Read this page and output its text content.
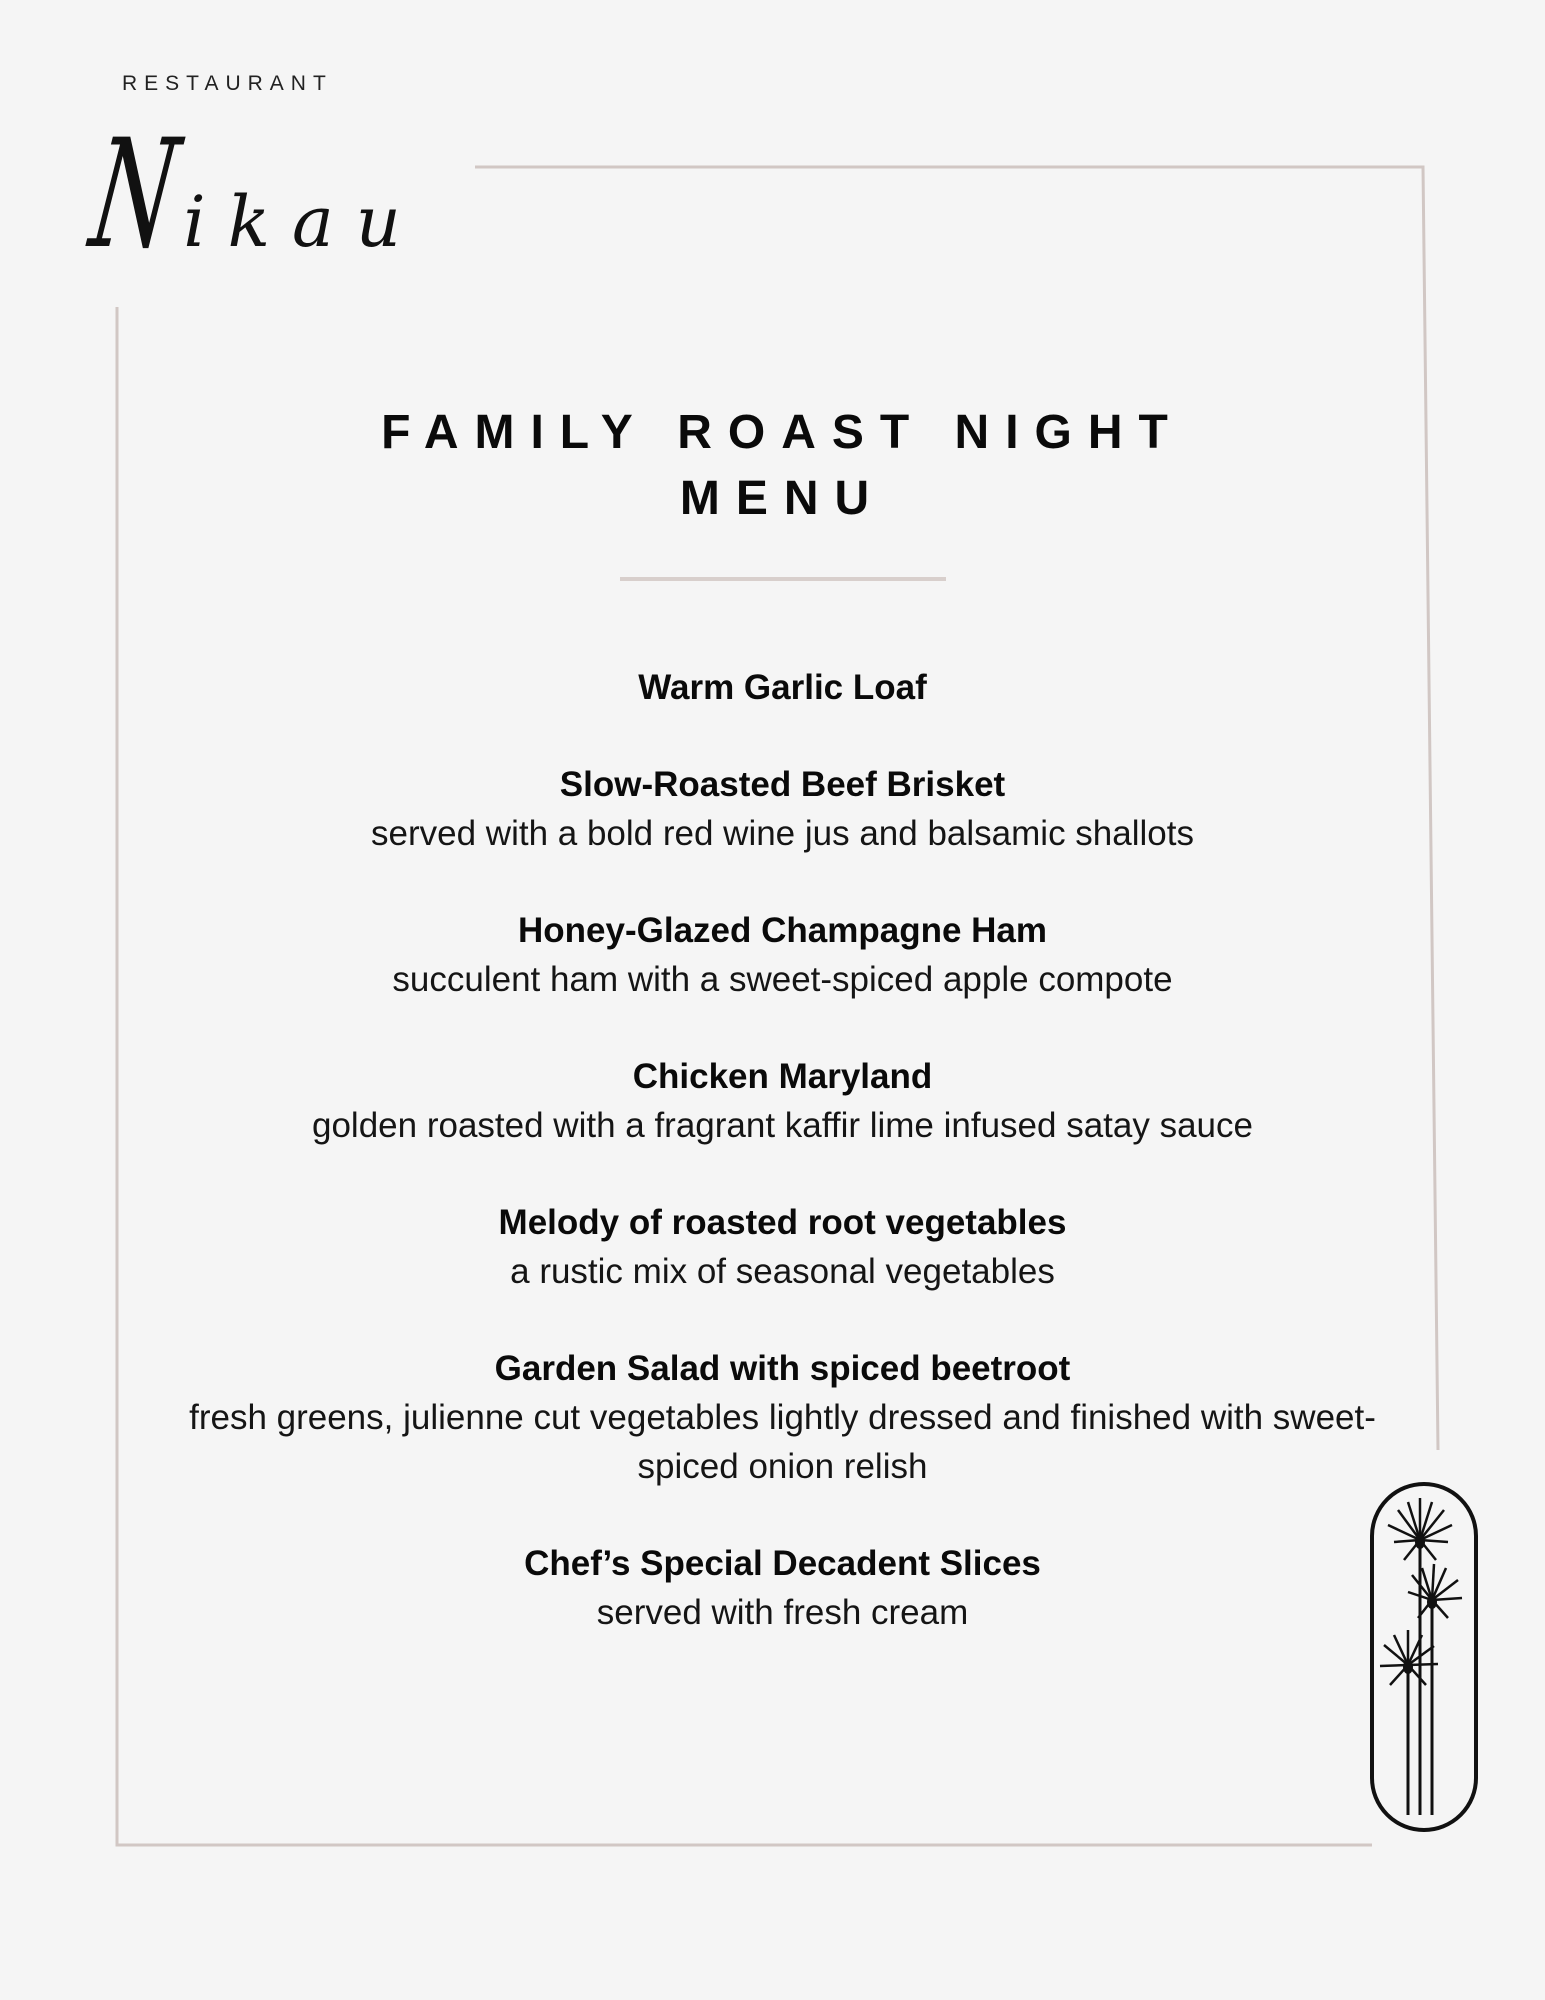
RESTAURANT
Nikau
FAMILY ROAST NIGHT
MENU
Warm Garlic Loaf
Slow-Roasted Beef Brisket
served with a bold red wine jus and balsamic shallots
Honey-Glazed Champagne Ham
succulent ham with a sweet-spiced apple compote
Chicken Maryland
golden roasted with a fragrant kaffir lime infused satay sauce
Melody of roasted root vegetables
a rustic mix of seasonal vegetables
Garden Salad with spiced beetroot
fresh greens, julienne cut vegetables lightly dressed and finished with sweet-spiced onion relish
Chef’s Special Decadent Slices
served with fresh cream
